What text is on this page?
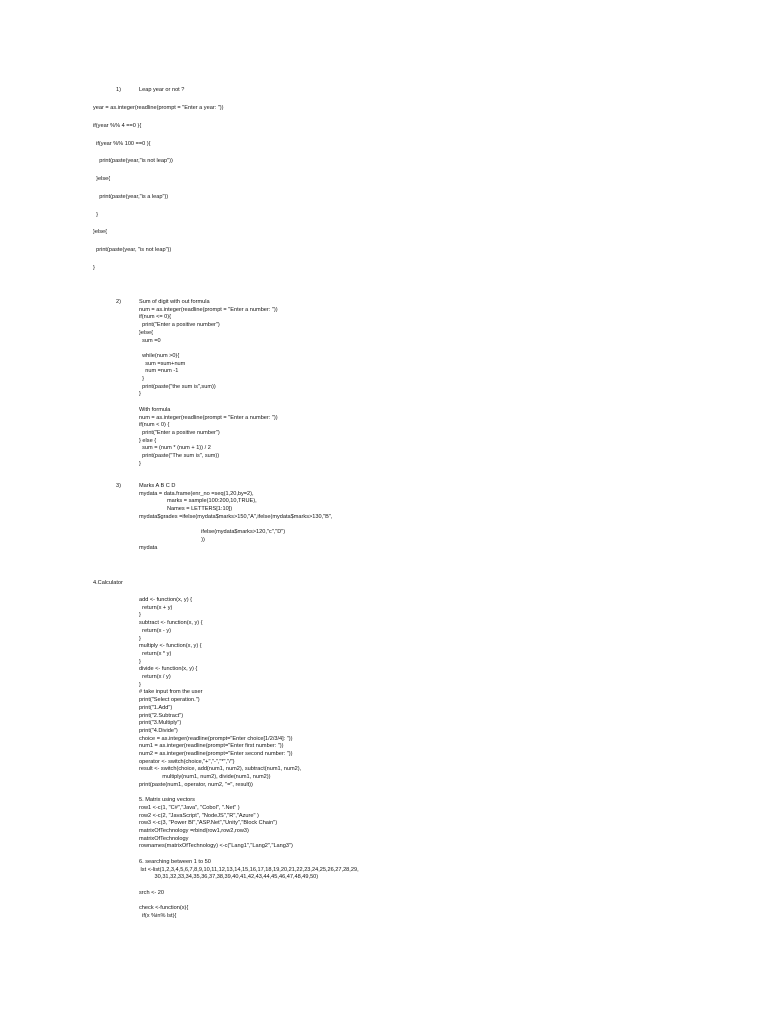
1)	Leap year or not ?
year = as.integer(readline(prompt = "Enter a year: "))
if(year %% 4 ==0 ){
if(year %% 100 ==0 ){
print(paste(year,"is not leap"))
}else{
print(paste(year,"is a leap"))
}
}else{
print(paste(year, "is not leap"))
}
2)	Sum of digit with out formula
num = as.integer(readline(prompt = "Enter a number: "))
if(num <= 0){
print("Enter a positive number")
}else{
sum =0
while(num >0){
sum =sum+num
num =num -1
}
print(paste("the sum is",sum))
}
With formula
num = as.integer(readline(prompt = "Enter a number: "))
if(num < 0) {
print("Enter a positive number")
} else {
sum = (num * (num + 1)) / 2
print(paste("The sum is", sum))
}
3)	Marks A B C D
mydata = data.frame(enr_no =seq(1,20,by=2),
marks = sample(100:200,10,TRUE),
Names = LETTERS[1:10])
mydata$grades =ifelse(mydata$marks>150,"A",ifelse(mydata$marks>130,"B",
ifelse(mydata$marks>120,"c","D")
))
mydata
4.Calculator
add <- function(x, y) {
return(x + y)
}
subtract <- function(x, y) {
return(x - y)
}
multiply <- function(x, y) {
return(x * y)
}
divide <- function(x, y) {
return(x / y)
}
# take input from the user
print("Select operation.")
print("1.Add")
print("2.Subtract")
print("3.Multiply")
print("4.Divide")
choice = as.integer(readline(prompt="Enter choice[1/2/3/4]: "))
num1 = as.integer(readline(prompt="Enter first number: "))
num2 = as.integer(readline(prompt="Enter second number: "))
operator <- switch(choice,"+","-","*","/")
result <- switch(choice, add(num1, num2), subtract(num1, num2),
multiply(num1, num2), divide(num1, num2))
print(paste(num1, operator, num2, "=", result))
5. Matrix using vectors
row1 <-c(1, "C#","Java", "Cobol", ".Net" )
row2 <-c(2, "JavaScript", "NodeJS","R","Azure" )
row3 <-c(3, "Power BI","ASP.Net","Unity","Block Chain")
matrixOfTechnology =rbind(row1,row2,row3)
matrixOfTechnology
rownames(matrixOfTechnology) <-c("Lang1","Lang2","Lang3")
6. searching between 1 to 50
lst <-list(1,2,3,4,5,6,7,8,9,10,11,12,13,14,15,16,17,18,19,20,21,22,23,24,25,26,27,28,29,
30,31,32,33,34,35,36,37,38,39,40,41,42,43,44,45,46,47,48,49,50)
srch <- 20
check <-function(x){
if(x %in% lst){
